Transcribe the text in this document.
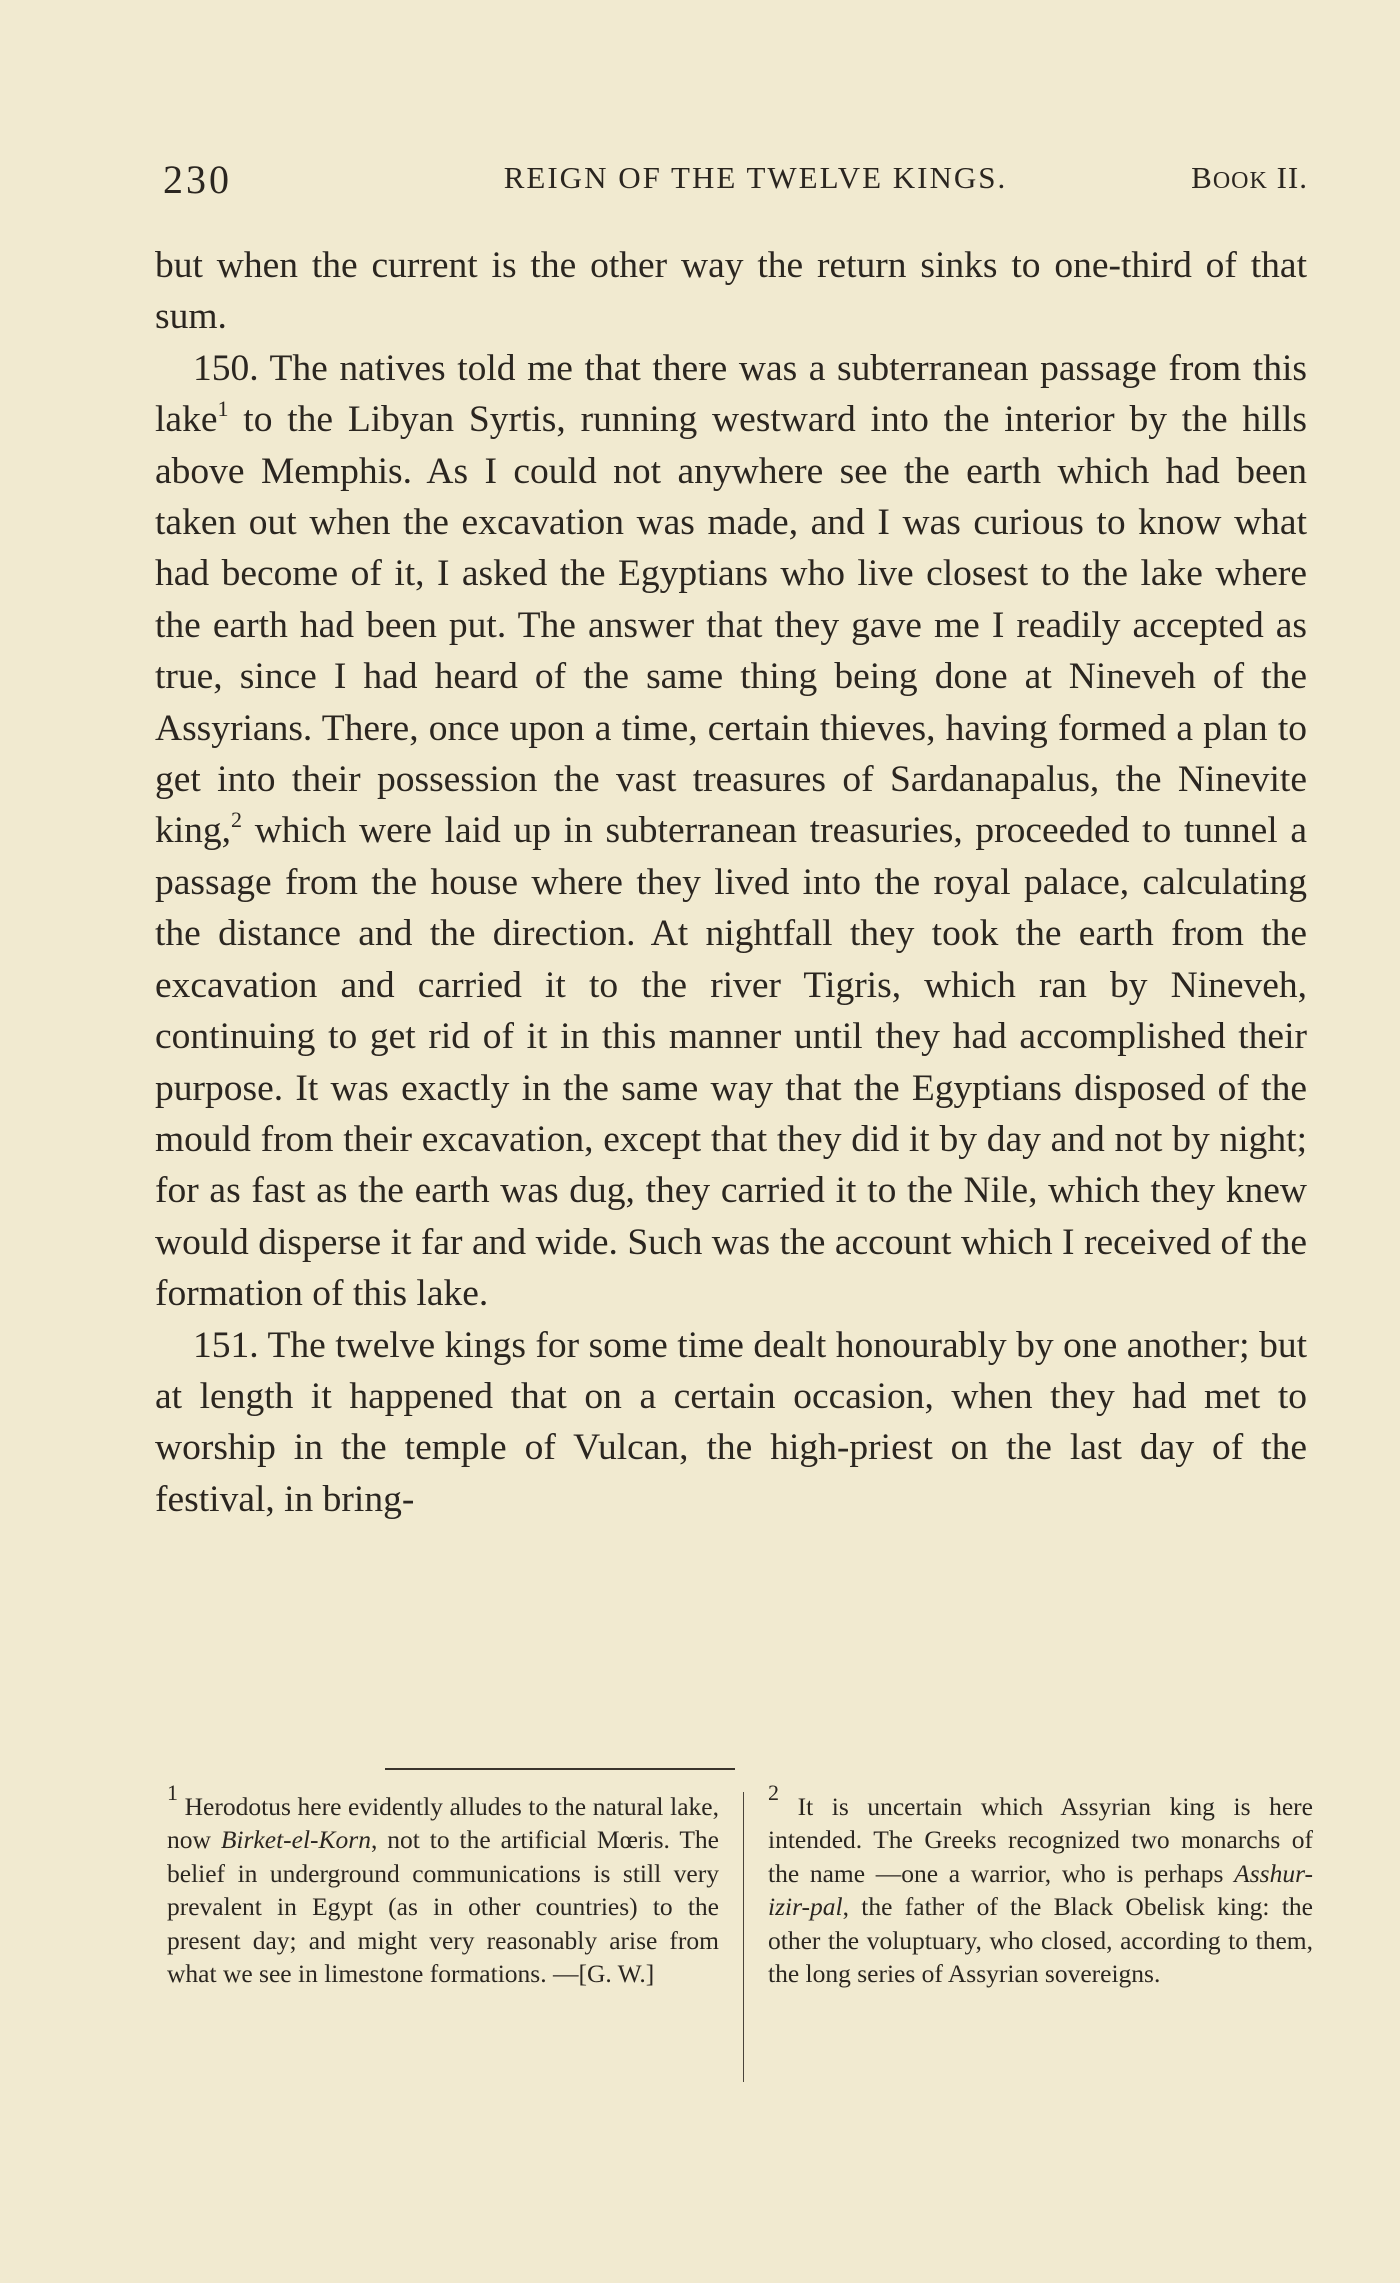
230	REIGN OF THE TWELVE KINGS.	BOOK II.

but when the current is the other way the return sinks to one-third of that sum.

150. The natives told me that there was a subterranean passage from this lake$^1$ to the Libyan Syrtis, running westward into the interior by the hills above Memphis. As I could not anywhere see the earth which had been taken out when the excavation was made, and I was curious to know what had become of it, I asked the Egyptians who live closest to the lake where the earth had been put. The answer that they gave me I readily accepted as true, since I had heard of the same thing being done at Nineveh of the Assyrians. There, once upon a time, certain thieves, having formed a plan to get into their possession the vast treasures of Sardanapalus, the Ninevite king,$^2$ which were laid up in subterranean treasuries, proceeded to tunnel a passage from the house where they lived into the royal palace, calculating the distance and the direction. At nightfall they took the earth from the excavation and carried it to the river Tigris, which ran by Nineveh, continuing to get rid of it in this manner until they had accomplished their purpose. It was exactly in the same way that the Egyptians disposed of the mould from their excavation, except that they did it by day and not by night; for as fast as the earth was dug, they carried it to the Nile, which they knew would disperse it far and wide. Such was the account which I received of the formation of this lake.

151. The twelve kings for some time dealt honourably by one another; but at length it happened that on a certain occasion, when they had met to worship in the temple of Vulcan, the high-priest on the last day of the festival, in bring-

$^1$ Herodotus here evidently alludes to the natural lake, now Birket-el-Korn, not to the artificial Mœris. The belief in underground communications is still very prevalent in Egypt (as in other countries) to the present day; and might very reasonably arise from what we see in limestone formations. —[G. W.]

$^2$ It is uncertain which Assyrian king is here intended. The Greeks recognized two monarchs of the name —one a warrior, who is perhaps Asshur-izir-pal, the father of the Black Obelisk king: the other the voluptuary, who closed, according to them, the long series of Assyrian sovereigns.
